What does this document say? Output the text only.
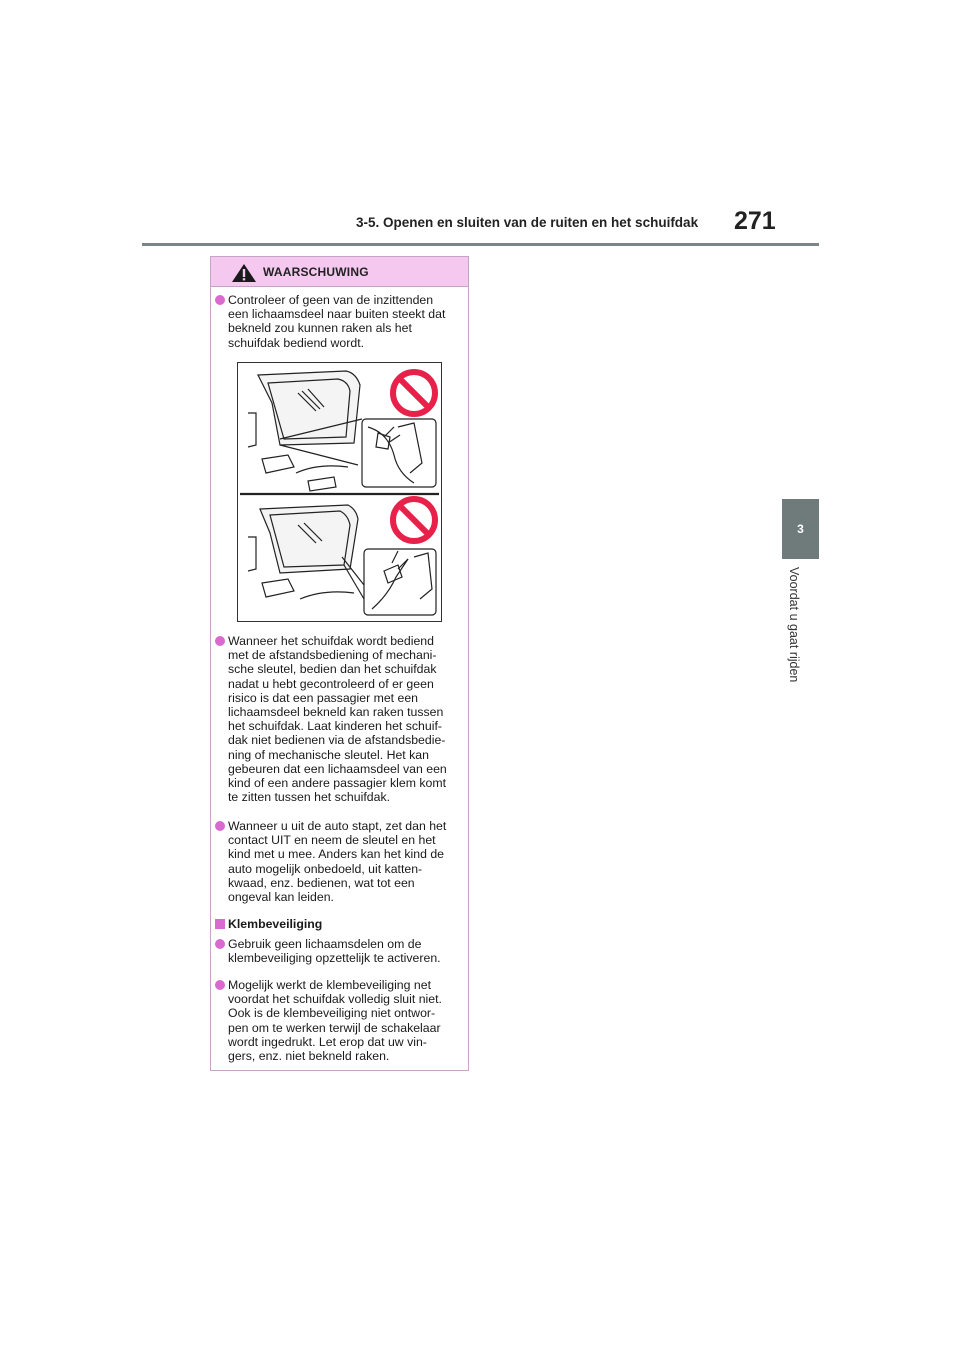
3-5. Openen en sluiten van de ruiten en het schuifdak 271
3
Voordat u gaat rijden
WAARSCHUWING
Controleer of geen van de inzittenden
een lichaamsdeel naar buiten steekt dat
bekneld zou kunnen raken als het
schuifdak bediend wordt.
Wanneer het schuifdak wordt bediend
met de afstandsbediening of mechani-
sche sleutel, bedien dan het schuifdak
nadat u hebt gecontroleerd of er geen
risico is dat een passagier met een
lichaamsdeel bekneld kan raken tussen
het schuifdak. Laat kinderen het schuif-
dak niet bedienen via de afstandsbedie-
ning of mechanische sleutel. Het kan
gebeuren dat een lichaamsdeel van een
kind of een andere passagier klem komt
te zitten tussen het schuifdak.
Wanneer u uit de auto stapt, zet dan het
contact UIT en neem de sleutel en het
kind met u mee. Anders kan het kind de
auto mogelijk onbedoeld, uit katten-
kwaad, enz. bedienen, wat tot een
ongeval kan leiden.
Klembeveiliging
Gebruik geen lichaamsdelen om de
klembeveiliging opzettelijk te activeren.
Mogelijk werkt de klembeveiliging net
voordat het schuifdak volledig sluit niet.
Ook is de klembeveiliging niet ontwor-
pen om te werken terwijl de schakelaar
wordt ingedrukt. Let erop dat uw vin-
gers, enz. niet bekneld raken.
